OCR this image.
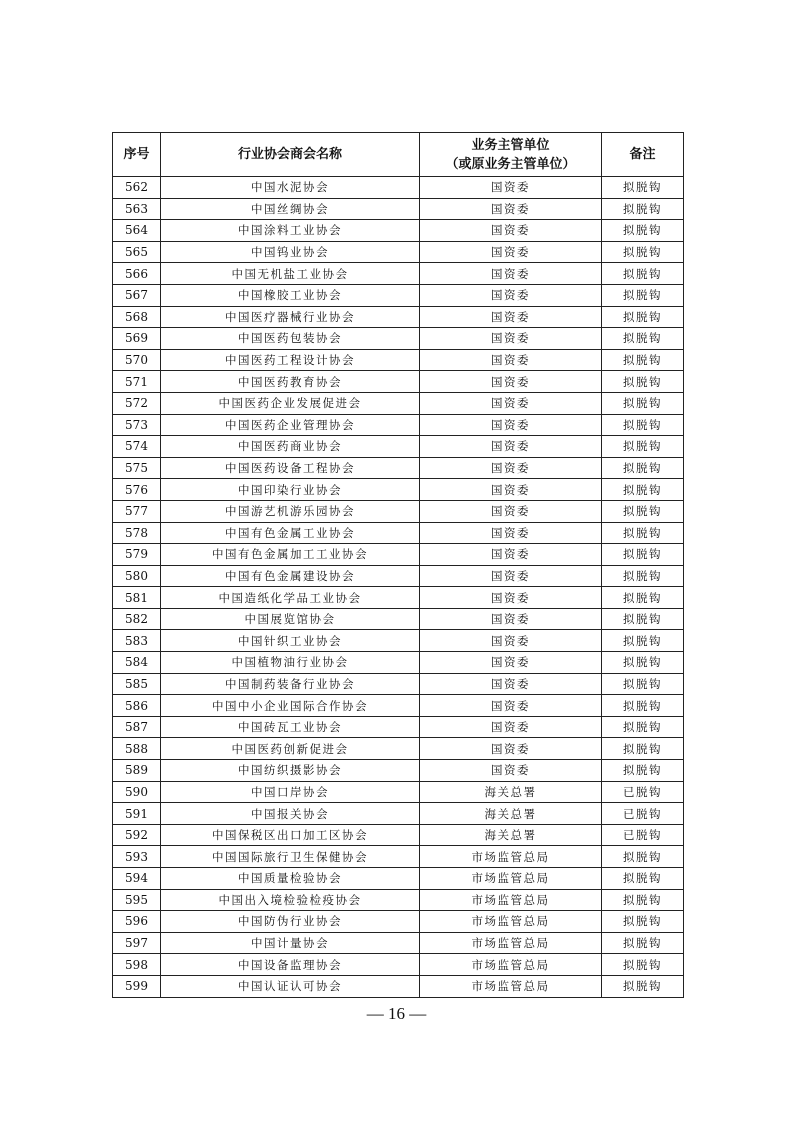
序号	行业协会商会名称	业务主管单位
（或原业务主管单位）	备注
562	中国水泥协会	国资委	拟脱钩
563	中国丝绸协会	国资委	拟脱钩
564	中国涂料工业协会	国资委	拟脱钩
565	中国钨业协会	国资委	拟脱钩
566	中国无机盐工业协会	国资委	拟脱钩
567	中国橡胶工业协会	国资委	拟脱钩
568	中国医疗器械行业协会	国资委	拟脱钩
569	中国医药包装协会	国资委	拟脱钩
570	中国医药工程设计协会	国资委	拟脱钩
571	中国医药教育协会	国资委	拟脱钩
572	中国医药企业发展促进会	国资委	拟脱钩
573	中国医药企业管理协会	国资委	拟脱钩
574	中国医药商业协会	国资委	拟脱钩
575	中国医药设备工程协会	国资委	拟脱钩
576	中国印染行业协会	国资委	拟脱钩
577	中国游艺机游乐园协会	国资委	拟脱钩
578	中国有色金属工业协会	国资委	拟脱钩
579	中国有色金属加工工业协会	国资委	拟脱钩
580	中国有色金属建设协会	国资委	拟脱钩
581	中国造纸化学品工业协会	国资委	拟脱钩
582	中国展览馆协会	国资委	拟脱钩
583	中国针织工业协会	国资委	拟脱钩
584	中国植物油行业协会	国资委	拟脱钩
585	中国制药装备行业协会	国资委	拟脱钩
586	中国中小企业国际合作协会	国资委	拟脱钩
587	中国砖瓦工业协会	国资委	拟脱钩
588	中国医药创新促进会	国资委	拟脱钩
589	中国纺织摄影协会	国资委	拟脱钩
590	中国口岸协会	海关总署	已脱钩
591	中国报关协会	海关总署	已脱钩
592	中国保税区出口加工区协会	海关总署	已脱钩
593	中国国际旅行卫生保健协会	市场监管总局	拟脱钩
594	中国质量检验协会	市场监管总局	拟脱钩
595	中国出入境检验检疫协会	市场监管总局	拟脱钩
596	中国防伪行业协会	市场监管总局	拟脱钩
597	中国计量协会	市场监管总局	拟脱钩
598	中国设备监理协会	市场监管总局	拟脱钩
599	中国认证认可协会	市场监管总局	拟脱钩
— 16 —
